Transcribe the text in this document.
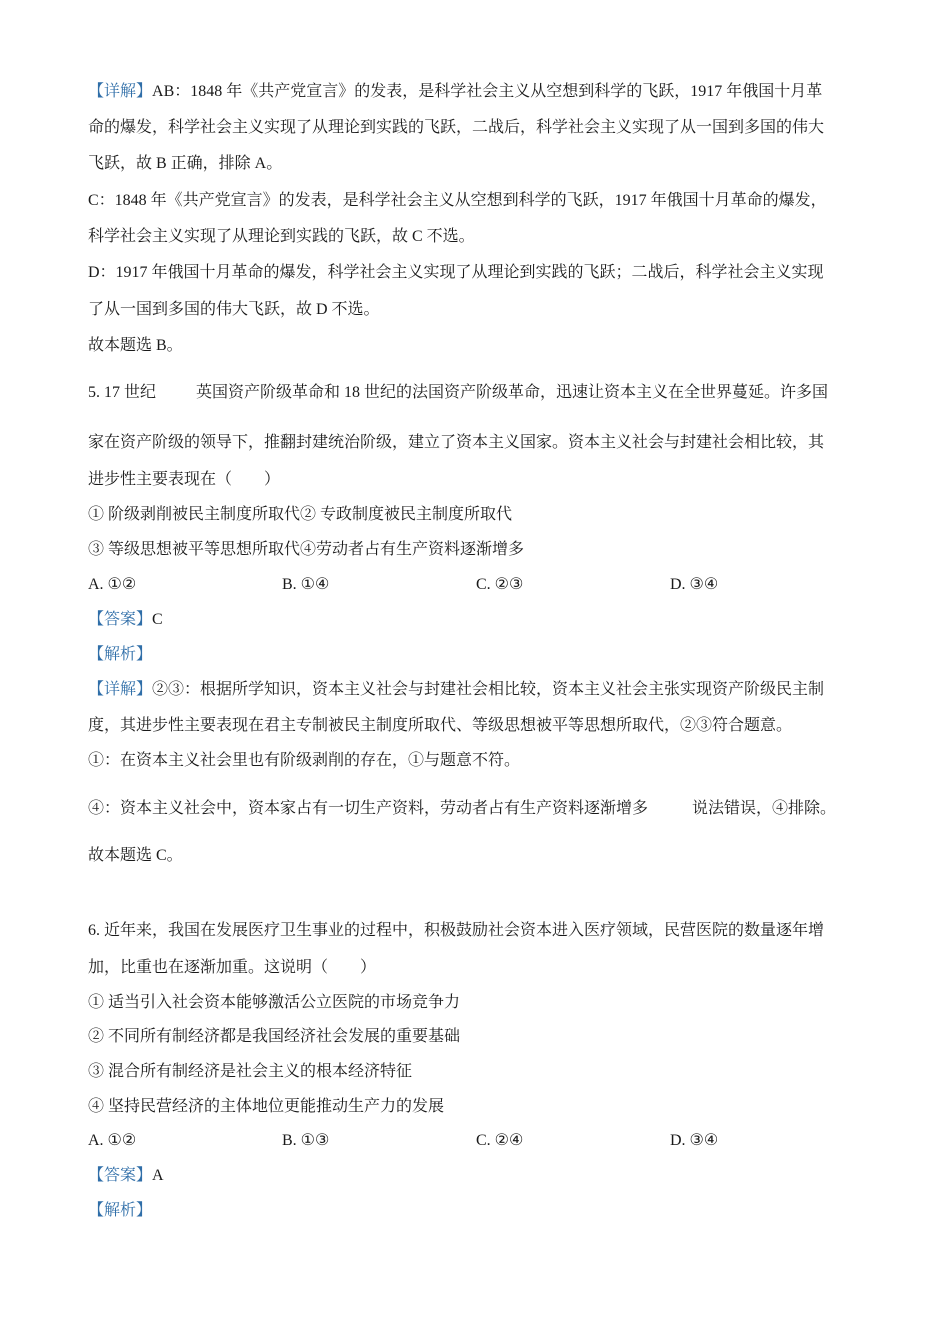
【详解】AB：1848 年《共产党宣言》的发表，是科学社会主义从空想到科学的飞跃，1917 年俄国十月革
命的爆发，科学社会主义实现了从理论到实践的飞跃，二战后，科学社会主义实现了从一国到多国的伟大
飞跃，故 B 正确，排除 A。
C：1848 年《共产党宣言》的发表，是科学社会主义从空想到科学的飞跃，1917 年俄国十月革命的爆发，
科学社会主义实现了从理论到实践的飞跃，故 C 不选。
D：1917 年俄国十月革命的爆发，科学社会主义实现了从理论到实践的飞跃；二战后，科学社会主义实现
了从一国到多国的伟大飞跃，故 D 不选。
故本题选 B。
5. 17 世纪          英国资产阶级革命和 18 世纪的法国资产阶级革命，迅速让资本主义在全世界蔓延。许多国
家在资产阶级的领导下，推翻封建统治阶级，建立了资本主义国家。资本主义社会与封建社会相比较，其
进步性主要表现在（        ）
① 阶级剥削被民主制度所取代② 专政制度被民主制度所取代
③ 等级思想被平等思想所取代④劳动者占有生产资料逐渐增多
A. ①②	B. ①④	C. ②③	D. ③④
【答案】C
【解析】
【详解】②③：根据所学知识，资本主义社会与封建社会相比较，资本主义社会主张实现资产阶级民主制
度，其进步性主要表现在君主专制被民主制度所取代、等级思想被平等思想所取代，②③符合题意。
①：在资本主义社会里也有阶级剥削的存在，①与题意不符。
④：资本主义社会中，资本家占有一切生产资料，劳动者占有生产资料逐渐增多           说法错误，④排除。
故本题选 C。
6. 近年来，我国在发展医疗卫生事业的过程中，积极鼓励社会资本进入医疗领域，民营医院的数量逐年增
加，比重也在逐渐加重。这说明（        ）
① 适当引入社会资本能够激活公立医院的市场竞争力
② 不同所有制经济都是我国经济社会发展的重要基础
③ 混合所有制经济是社会主义的根本经济特征
④ 坚持民营经济的主体地位更能推动生产力的发展
A. ①②	B. ①③	C. ②④	D. ③④
【答案】A
【解析】
